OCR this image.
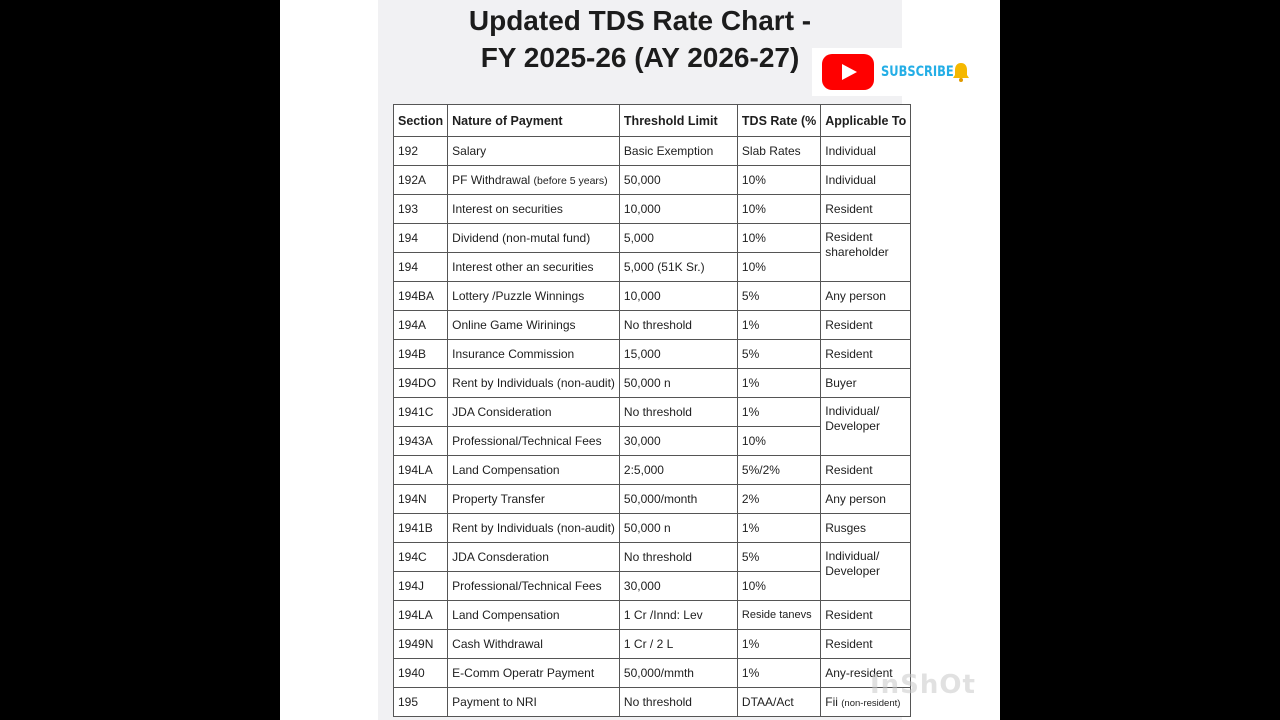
Updated TDS Rate Chart -
FY 2025-26 (AY 2026-27)	SUBSCRIBE
Section	Nature of Payment	Threshold Limit	TDS Rate (%	Applicable To
192	Salary	Basic Exemption	Slab Rates	Individual
192A	PF Withdrawal (before 5 years)	50,000	10%	Individual
193	Interest on securities	10,000	10%	Resident
194	Dividend (non-mutal fund)	5,000	10%	Resident shareholder
194	Interest other an securities	5,000 (51K Sr.)	10%	
194BA	Lottery /Puzzle Winnings	10,000	5%	Any person
194A	Online Game Wirinings	No threshold	1%	Resident
194B	Insurance Commission	15,000	5%	Resident
194DO	Rent by Individuals (non-audit)	50,000 n	1%	Buyer
1941C	JDA Consideration	No threshold	1%	Individual/ Developer
1943A	Professional/Technical Fees	30,000	10%	
194LA	Land Compensation	2:5,000	5%/2%	Resident
194N	Property Transfer	50,000/month	2%	Any person
1941B	Rent by Individuals (non-audit)	50,000 n	1%	Rusges
194C	JDA Consderation	No threshold	5%	Individual/ Developer
194J	Professional/Technical Fees	30,000	10%	
194LA	Land Compensation	1 Cr /Innd: Lev	Reside tanevs	Resident
1949N	Cash Withdrawal	1 Cr / 2 L	1%	Resident
1940	E-Comm Operatr Payment	50,000/mmth	1%	Any-resident
195	Payment to NRI	No threshold	DTAA/Act	Fii (non-resident)
InShOt
